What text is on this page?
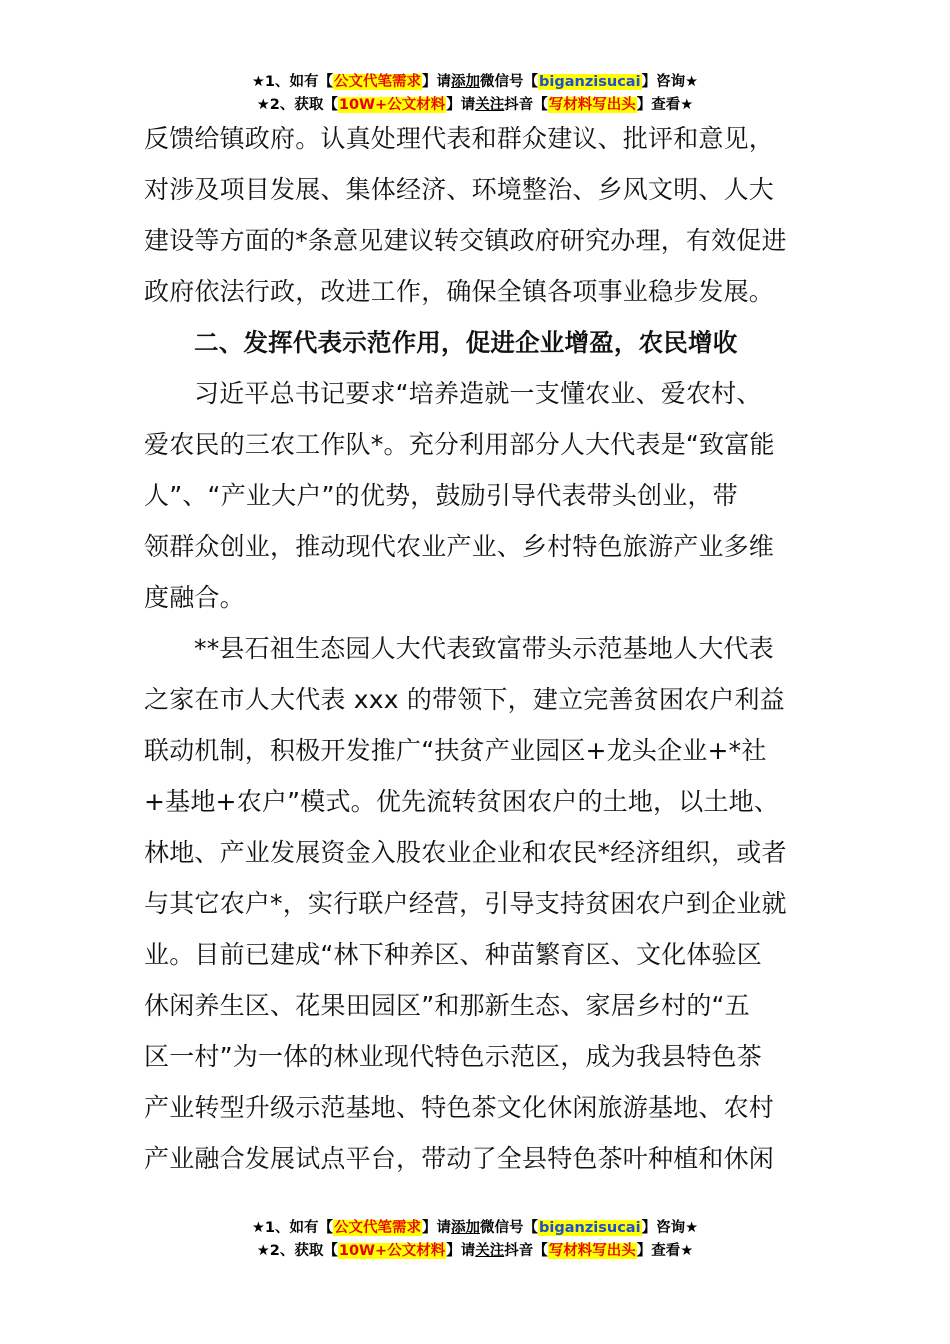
★1、如有【公文代笔需求】请添加微信号【biganzisucai】咨询★
★2、获取【10W+公文材料】请关注抖音【写材料写出头】查看★
反馈给镇政府。认真处理代表和群众建议、批评和意见，
对涉及项目发展、集体经济、环境整治、乡风文明、人大
建设等方面的*条意见建议转交镇政府研究办理，有效促进
政府依法行政，改进工作，确保全镇各项事业稳步发展。
二、发挥代表示范作用，促进企业增盈，农民增收
习近平总书记要求“培养造就一支懂农业、爱农村、
爱农民的三农工作队*。充分利用部分人大代表是“致富能
人”、“产业大户”的优势，鼓励引导代表带头创业，带
领群众创业，推动现代农业产业、乡村特色旅游产业多维
度融合。
**县石祖生态园人大代表致富带头示范基地人大代表
之家在市人大代表 xxx 的带领下，建立完善贫困农户利益
联动机制，积极开发推广“扶贫产业园区+龙头企业+*社
+基地+农户”模式。优先流转贫困农户的土地，以土地、
林地、产业发展资金入股农业企业和农民*经济组织，或者
与其它农户*，实行联户经营，引导支持贫困农户到企业就
业。目前已建成“林下种养区、种苗繁育区、文化体验区
休闲养生区、花果田园区”和那新生态、家居乡村的“五
区一村”为一体的林业现代特色示范区，成为我县特色茶
产业转型升级示范基地、特色茶文化休闲旅游基地、农村
产业融合发展试点平台，带动了全县特色茶叶种植和休闲
★1、如有【公文代笔需求】请添加微信号【biganzisucai】咨询★
★2、获取【10W+公文材料】请关注抖音【写材料写出头】查看★
